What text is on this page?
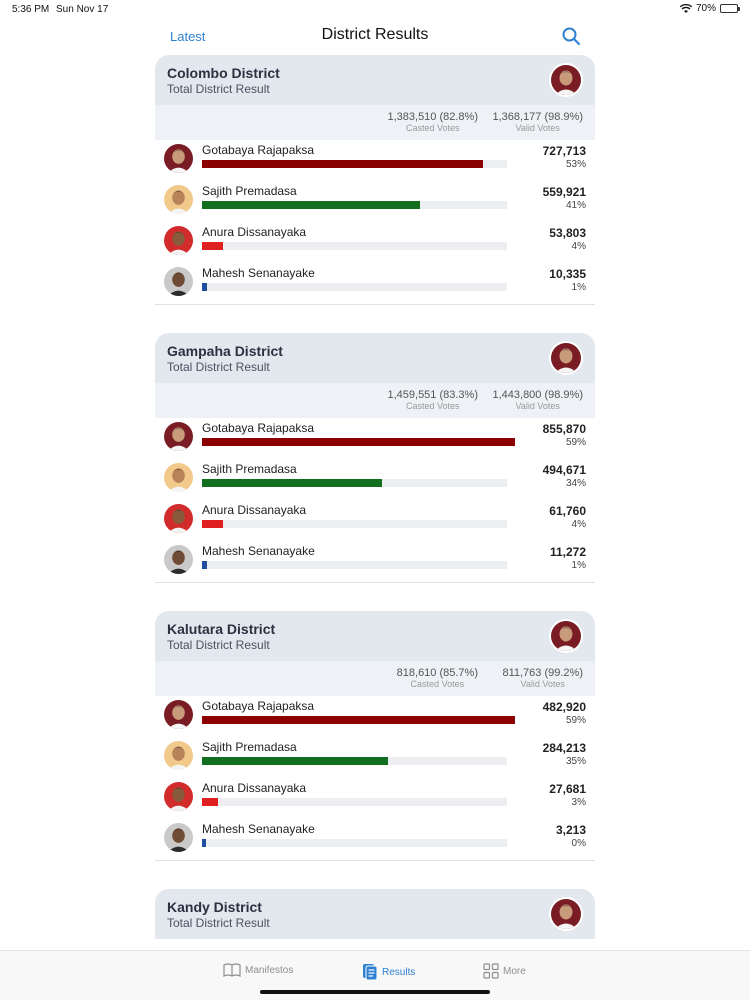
5:36 PM Sun Nov 17	70%
Latest	District Results
Colombo District
Total District Result
1,383,510 (82.8%)
Casted Votes
1,368,177 (98.9%)
Valid Votes
Gotabaya Rajapaksa	727,713
53%
Sajith Premadasa	559,921
41%
Anura Dissanayaka	53,803
4%
Mahesh Senanayake	10,335
1%
Gampaha District
Total District Result
1,459,551 (83.3%)
Casted Votes
1,443,800 (98.9%)
Valid Votes
Gotabaya Rajapaksa	855,870
59%
Sajith Premadasa	494,671
34%
Anura Dissanayaka	61,760
4%
Mahesh Senanayake	11,272
1%
Kalutara District
Total District Result
818,610 (85.7%)
Casted Votes
811,763 (99.2%)
Valid Votes
Gotabaya Rajapaksa	482,920
59%
Sajith Premadasa	284,213
35%
Anura Dissanayaka	27,681
3%
Mahesh Senanayake	3,213
0%
Kandy District
Total District Result
Manifestos	Results	More
